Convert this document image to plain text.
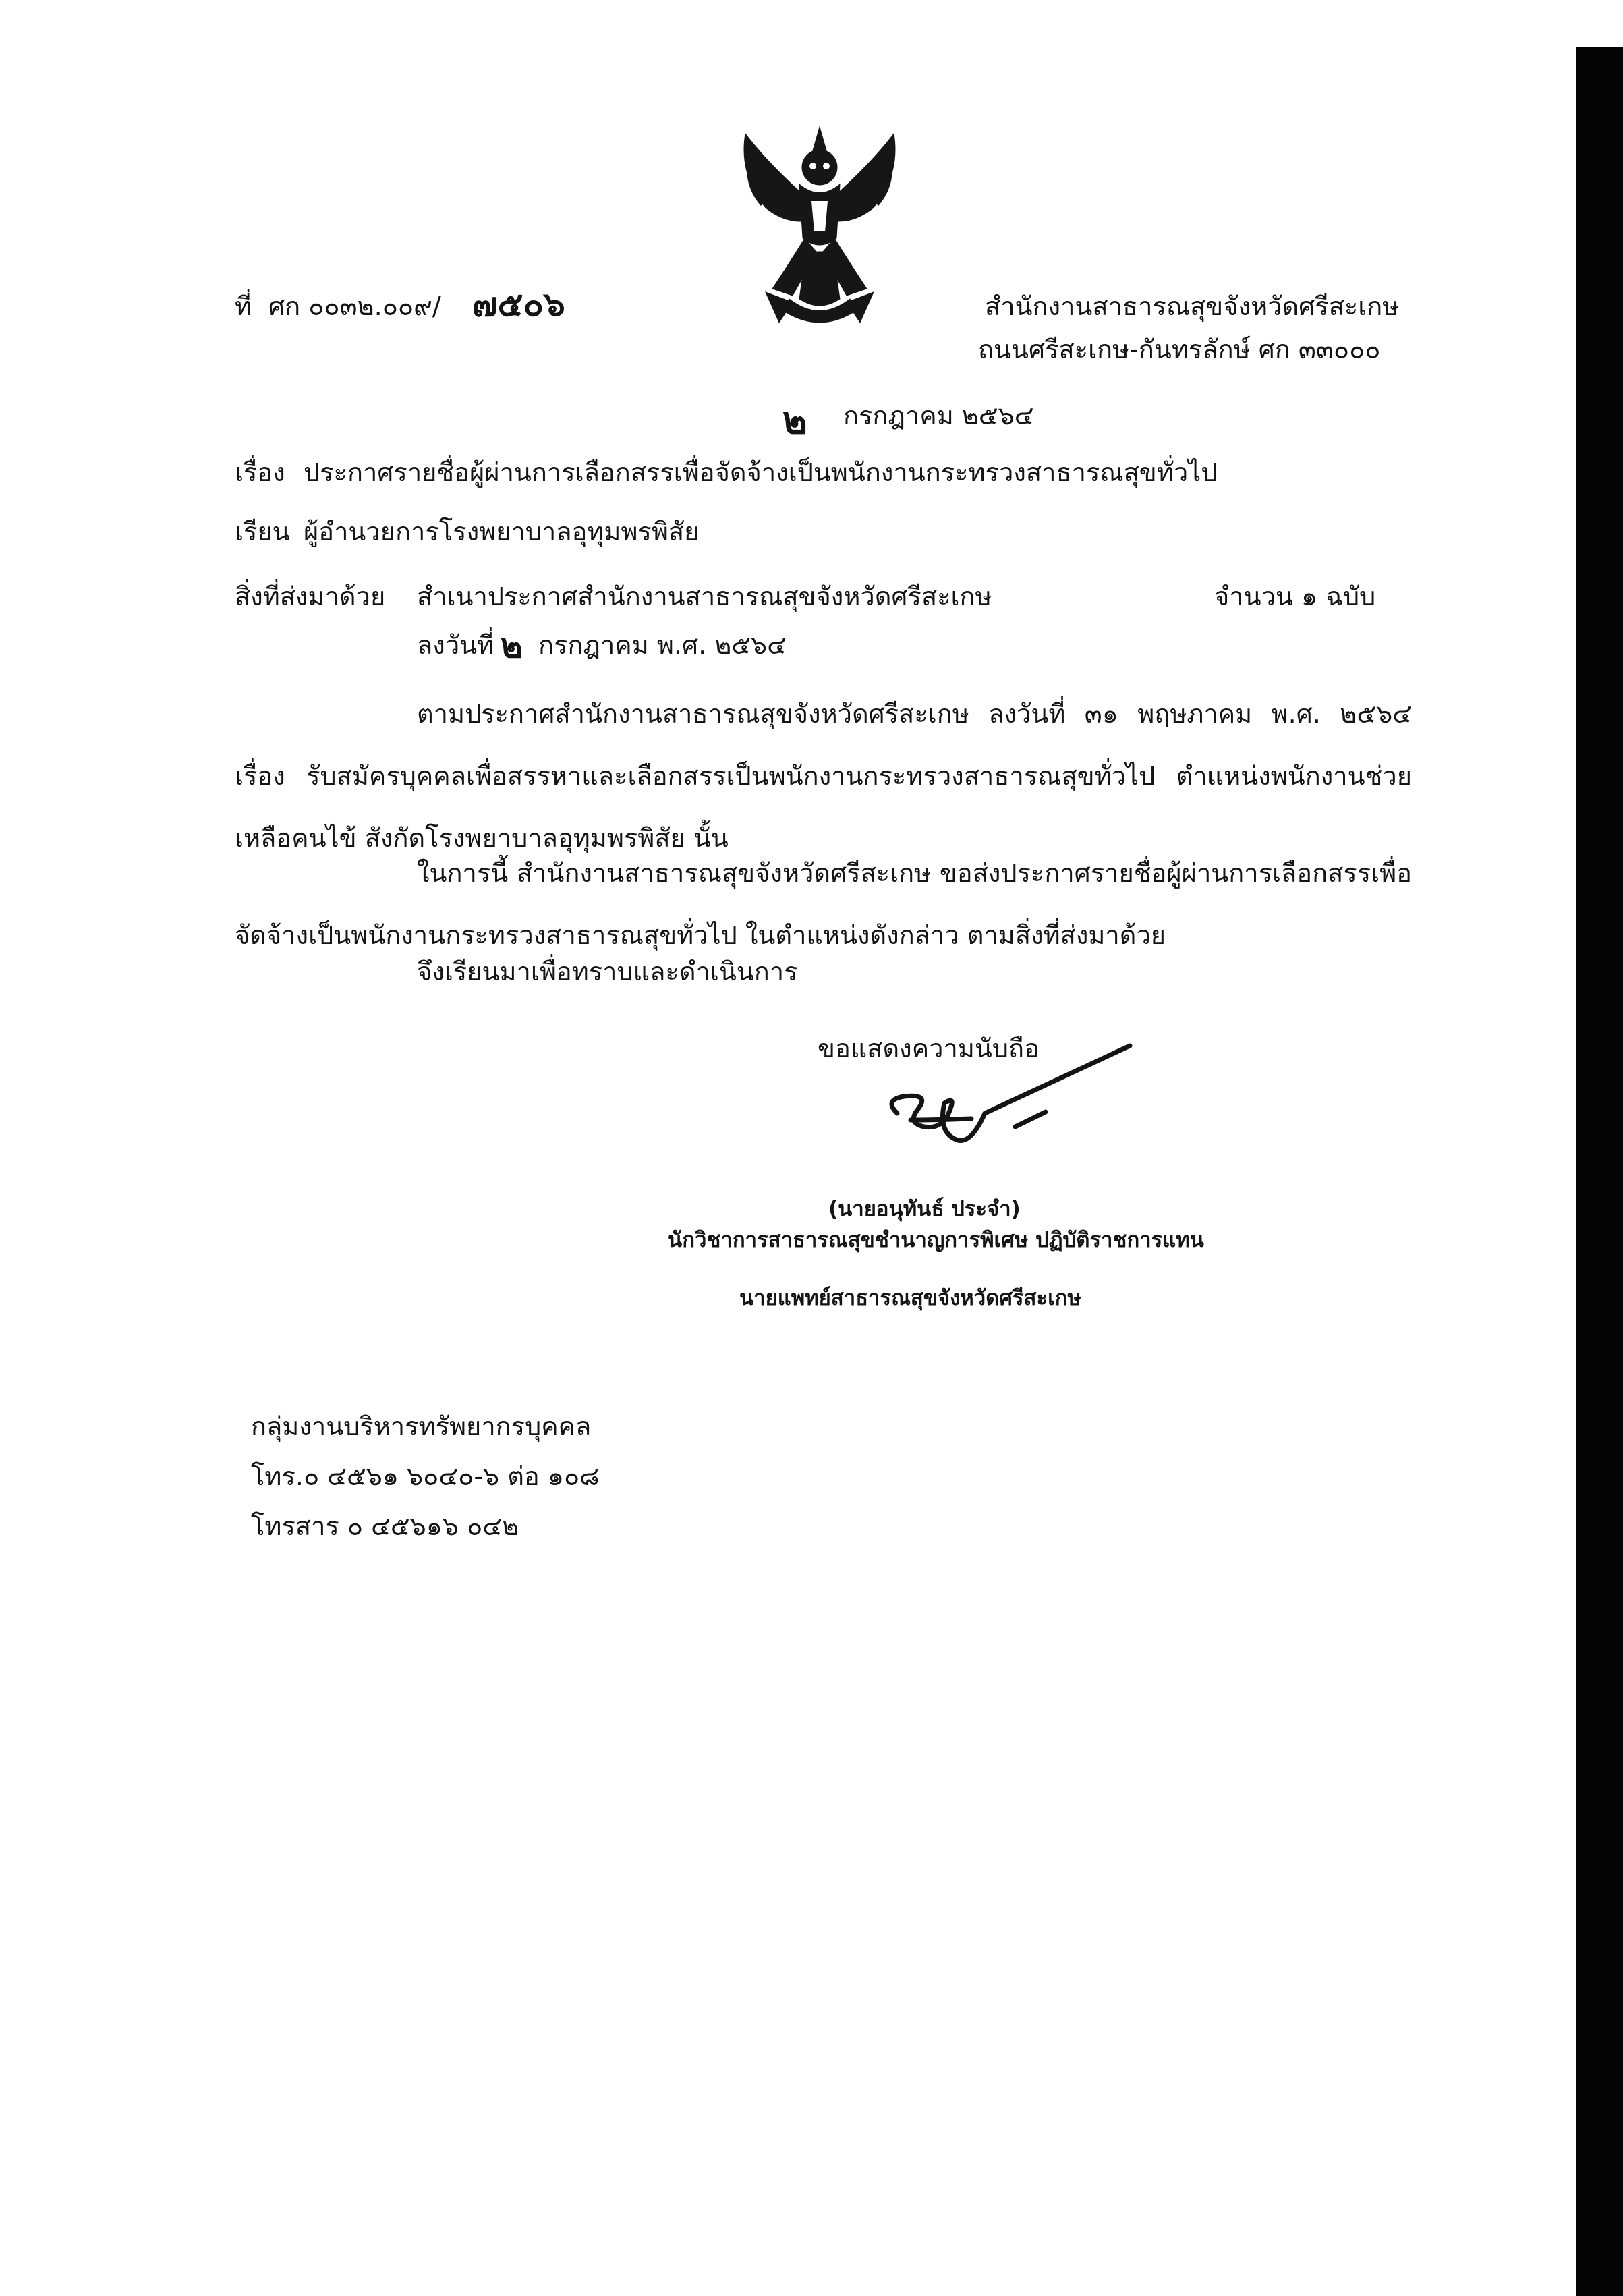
ที่ ศก ๐๐๓๒.๐๐๙/ ๗๕๐๖	สำนักงานสาธารณสุขจังหวัดศรีสะเกษ
ถนนศรีสะเกษ-กันทรลักษ์ ศก ๓๓๐๐๐
๒ กรกฎาคม ๒๕๖๔
เรื่อง ประกาศรายชื่อผู้ผ่านการเลือกสรรเพื่อจัดจ้างเป็นพนักงานกระทรวงสาธารณสุขทั่วไป
เรียน ผู้อำนวยการโรงพยาบาลอุทุมพรพิสัย
สิ่งที่ส่งมาด้วย สำเนาประกาศสำนักงานสาธารณสุขจังหวัดศรีสะเกษ	จำนวน ๑ ฉบับ
ลงวันที่ ๒ กรกฎาคม พ.ศ. ๒๕๖๔
ตามประกาศสำนักงานสาธารณสุขจังหวัดศรีสะเกษ ลงวันที่ ๓๑ พฤษภาคม พ.ศ. ๒๕๖๔ เรื่อง รับสมัครบุคคลเพื่อสรรหาและเลือกสรรเป็นพนักงานกระทรวงสาธารณสุขทั่วไป ตำแหน่งพนักงานช่วยเหลือคนไข้ สังกัดโรงพยาบาลอุทุมพรพิสัย นั้น
ในการนี้ สำนักงานสาธารณสุขจังหวัดศรีสะเกษ ขอส่งประกาศรายชื่อผู้ผ่านการเลือกสรรเพื่อจัดจ้างเป็นพนักงานกระทรวงสาธารณสุขทั่วไป ในตำแหน่งดังกล่าว ตามสิ่งที่ส่งมาด้วย
จึงเรียนมาเพื่อทราบและดำเนินการ
ขอแสดงความนับถือ
(นายอนุทันธ์ ประจำ)
นักวิชาการสาธารณสุขชำนาญการพิเศษ ปฏิบัติราชการแทน
นายแพทย์สาธารณสุขจังหวัดศรีสะเกษ
กลุ่มงานบริหารทรัพยากรบุคคล
โทร.๐ ๔๕๖๑ ๖๐๔๐-๖ ต่อ ๑๐๘
โทรสาร ๐ ๔๕๖๑๖ ๐๔๒
